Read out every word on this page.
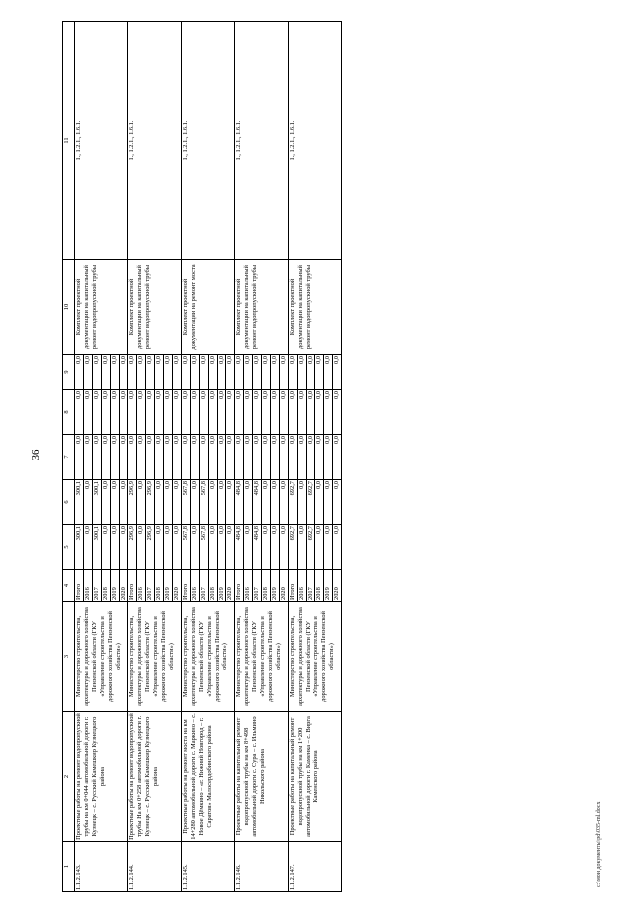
36
1	2	3	4	5	6	7	8	9	10	11
1.1.2.143.	Проектные работы на ремонт водопропускной трубы на км 0+044 автомобильной дороги г. Кузнецк – с. Русский Камешкир Кузнецкого района	Министерство строительства, архитектуры и дорожного хозяйства Пензенской области (ГКУ «Управление строительства и дорожного хозяйства Пензенской области»)	Итого	300,1	300,1	0,0	0,0	0,0	Комплект проектной документации на капитальный ремонт водопропускной трубы	1., 1.2.1., 1.6.1.
			2016	0,0	0,0	0,0	0,0	0,0		
			2017	300,1	300,1	0,0	0,0	0,0		
			2018	0,0	0,0	0,0	0,0	0,0		
			2019	0,0	0,0	0,0	0,0	0,0		
			2020	0,0	0,0	0,0	0,0	0,0		
1.1.2.144.	Проектные работы на ремонт водопропускной трубы На км 0+258 автомобильной дороги г. Кузнецк – с. Русский Камешкир Кузнецкого района	Министерство строительства, архитектуры и дорожного хозяйства Пензенской области (ГКУ «Управление строительства и дорожного хозяйства Пензенской области»)	Итого	296,9	296,9	0,0	0,0	0,0	Комплект проектной документации на капитальный ремонт водопропускной трубы	1., 1.2.1., 1.6.1.
			2016	0,0	0,0	0,0	0,0	0,0		
			2017	296,9	296,9	0,0	0,0	0,0		
			2018	0,0	0,0	0,0	0,0	0,0		
			2019	0,0	0,0	0,0	0,0	0,0		
			2020	0,0	0,0	0,0	0,0	0,0		
1.1.2.145.	Проектные работы на ремонт моста на км 14+280 автомобильной дороги с. Маркино – с. Новое Дёмкино – «г. Нижний Новгород – г. Саратов» Малосердобинского района	Министерство строительства, архитектуры и дорожного хозяйства Пензенской области (ГКУ «Управление строительства и дорожного хозяйства Пензенской области»)	Итого	567,8	567,8	0,0	0,0	0,0	Комплект проектной документации на ремонт моста	1., 1.2.1., 1.6.1.
			2016	0,0	0,0	0,0	0,0	0,0		
			2017	567,8	567,8	0,0	0,0	0,0		
			2018	0,0	0,0	0,0	0,0	0,0		
			2019	0,0	0,0	0,0	0,0	0,0		
			2020	0,0	0,0	0,0	0,0	0,0		
1.1.2.146.	Проектные работы на капитальный ремонт водопропускной трубы на км 8+498 автомобильной дороги с. Сура – с. Ильмино Никольского района	Министерство строительства, архитектуры и дорожного хозяйства Пензенской области (ГКУ «Управление строительства и дорожного хозяйства Пензенской области»)	Итого	484,8	484,8	0,0	0,0	0,0	Комплект проектной документации на капитальный ремонт водопропускной трубы	1., 1.2.1., 1.6.1.
			2016	0,0	0,0	0,0	0,0	0,0		
			2017	484,8	484,8	0,0	0,0	0,0		
			2018	0,0	0,0	0,0	0,0	0,0		
			2019	0,0	0,0	0,0	0,0	0,0		
			2020	0,0	0,0	0,0	0,0	0,0		
1.1.2.147.	Проектные работы на капитальный ремонт водопропускной трубы на км 1+200 автомобильной дороги г. Каменка – с. Вирга Каменского района	Министерство строительства, архитектуры и дорожного хозяйства Пензенской области (ГКУ «Управление строительства и дорожного хозяйства Пензенской области»)	Итого	692,7	692,7	0,0	0,0	0,0	Комплект проектной документации на капитальный ремонт водопропускной трубы	1., 1.2.1., 1.6.1.
			2016	0,0	0,0	0,0	0,0	0,0		
			2017	692,7	692,7	0,0	0,0	0,0		
			2018	0,0	0,0	0,0	0,0	0,0		
			2019	0,0	0,0	0,0	0,0	0,0		
			2020	0,0	0,0	0,0	0,0	0,0		
c:\мои документы\pd\035-ml.docx
